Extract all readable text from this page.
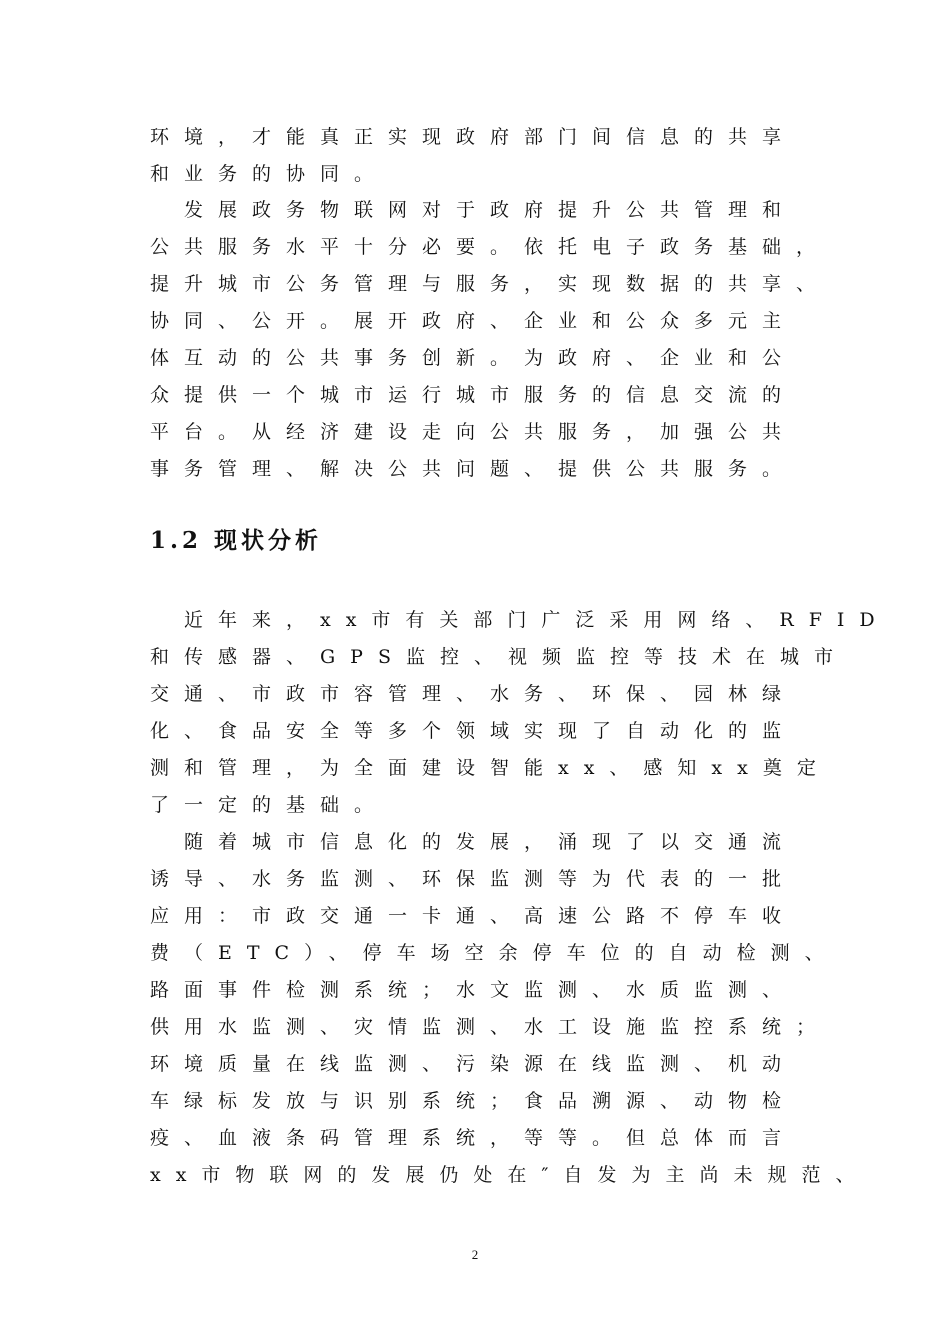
环境，才能真正实现政府部门间信息的共享
和业务的协同。
发展政务物联网对于政府提升公共管理和
公共服务水平十分必要。依托电子政务基础，
提升城市公务管理与服务，实现数据的共享、
协同、公开。展开政府、企业和公众多元主
体互动的公共事务创新。为政府、企业和公
众提供一个城市运行城市服务的信息交流的
平台。从经济建设走向公共服务，加强公共
事务管理、解决公共问题、提供公共服务。
1.2 现状分析
近年来，xx市有关部门广泛采用网络、RFID
和传感器、GPS监控、视频监控等技术在城市
交通、市政市容管理、水务、环保、园林绿
化、食品安全等多个领域实现了自动化的监
测和管理，为全面建设智能xx、感知xx奠定
了一定的基础。
随着城市信息化的发展，涌现了以交通流
诱导、水务监测、环保监测等为代表的一批
应用：市政交通一卡通、高速公路不停车收
费（ETC）、停车场空余停车位的自动检测、
路面事件检测系统；水文监测、水质监测、
供用水监测、灾情监测、水工设施监控系统；
环境质量在线监测、污染源在线监测、机动
车绿标发放与识别系统；食品溯源、动物检
疫、血液条码管理系统，等等。但总体而言
xx市物联网的发展仍处在″自发为主尚未规范、
2
